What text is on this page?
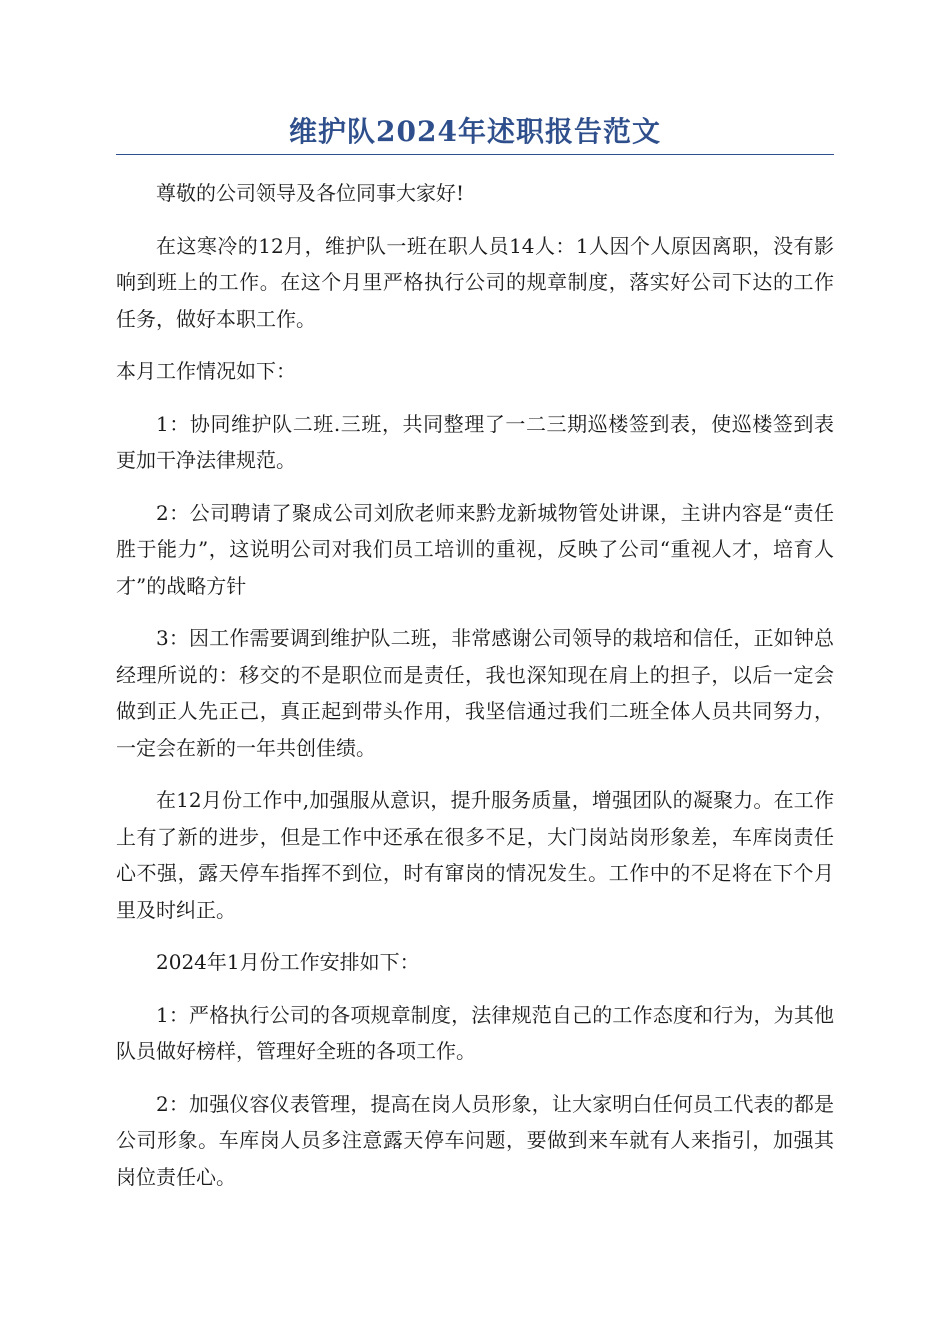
维护队2024年述职报告范文

尊敬的公司领导及各位同事大家好!

在这寒冷的12月，维护队一班在职人员14人：1人因个人原因离职，没有影响到班上的工作。在这个月里严格执行公司的规章制度，落实好公司下达的工作任务，做好本职工作。

本月工作情况如下：

1：协同维护队二班.三班，共同整理了一二三期巡楼签到表，使巡楼签到表更加干净法律规范。

2：公司聘请了聚成公司刘欣老师来黔龙新城物管处讲课，主讲内容是“责任胜于能力”，这说明公司对我们员工培训的重视，反映了公司“重视人才，培育人才”的战略方针

3：因工作需要调到维护队二班，非常感谢公司领导的栽培和信任，正如钟总经理所说的：移交的不是职位而是责任，我也深知现在肩上的担子，以后一定会做到正人先正己，真正起到带头作用，我坚信通过我们二班全体人员共同努力，一定会在新的一年共创佳绩。

在12月份工作中,加强服从意识，提升服务质量，增强团队的凝聚力。在工作上有了新的进步，但是工作中还承在很多不足，大门岗站岗形象差，车库岗责任心不强，露天停车指挥不到位，时有窜岗的情况发生。工作中的不足将在下个月里及时纠正。

2024年1月份工作安排如下：

1：严格执行公司的各项规章制度，法律规范自己的工作态度和行为，为其他队员做好榜样，管理好全班的各项工作。

2：加强仪容仪表管理，提高在岗人员形象，让大家明白任何员工代表的都是公司形象。车库岗人员多注意露天停车问题，要做到来车就有人来指引，加强其岗位责任心。
